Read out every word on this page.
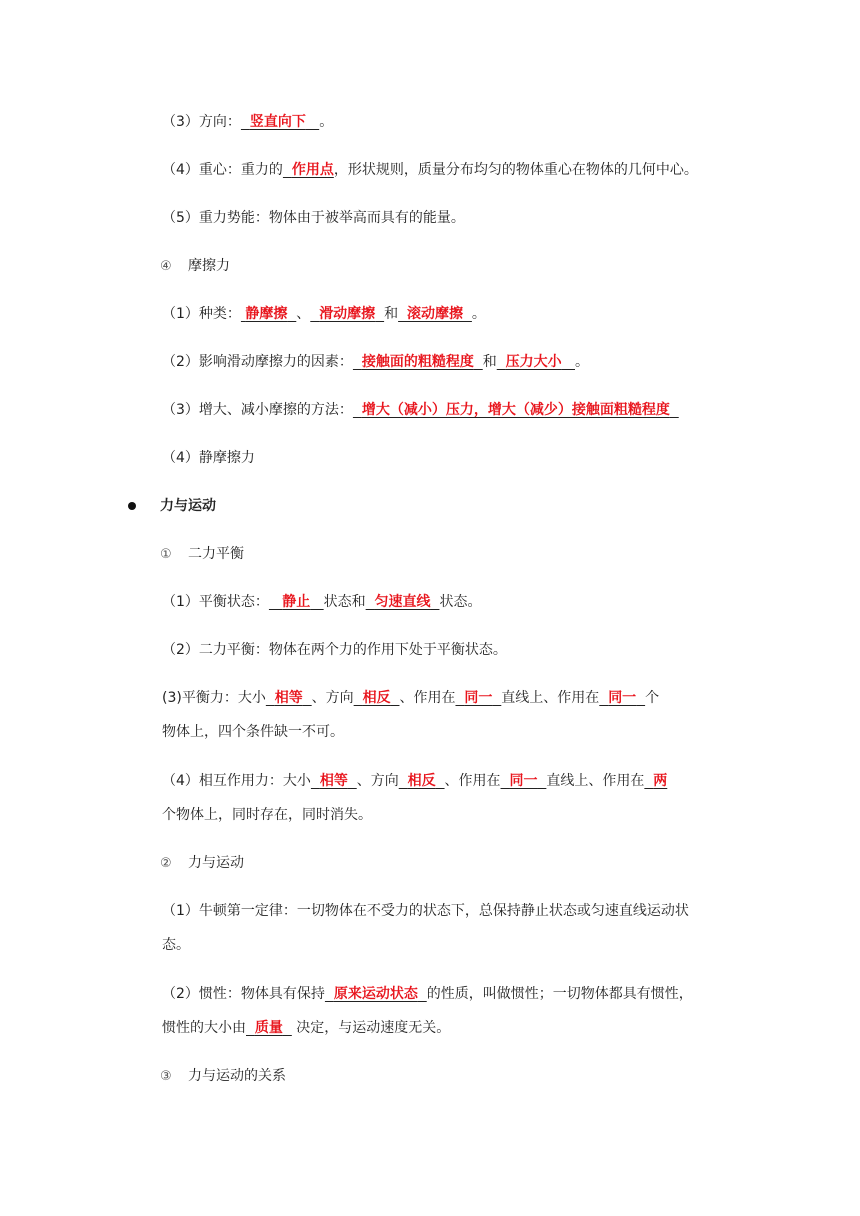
（3）方向： 竖直向下 。
（4）重心：重力的 作用点，形状规则，质量分布均匀的物体重心在物体的几何中心。
（5）重力势能：物体由于被举高而具有的能量。
④ 摩擦力
（1）种类： 静摩擦 、 滑动摩擦 和 滚动摩擦 。
（2）影响滑动摩擦力的因素： 接触面的粗糙程度 和 压力大小 。
（3）增大、减小摩擦的方法： 增大（减小）压力，增大（减少）接触面粗糙程度
（4）静摩擦力
力与运动
① 二力平衡
（1）平衡状态： 静止 状态和 匀速直线 状态。
（2）二力平衡：物体在两个力的作用下处于平衡状态。
(3)平衡力：大小 相等 、方向 相反 、作用在 同一 直线上、作用在 同一 个
物体上，四个条件缺一不可。
（4）相互作用力：大小 相等 、方向 相反 、作用在 同一 直线上、作用在 两
个物体上，同时存在，同时消失。
② 力与运动
（1）牛顿第一定律：一切物体在不受力的状态下，总保持静止状态或匀速直线运动状
态。
（2）惯性：物体具有保持 原来运动状态 的性质，叫做惯性；一切物体都具有惯性，
惯性的大小由 质量   决定，与运动速度无关。
③ 力与运动的关系
